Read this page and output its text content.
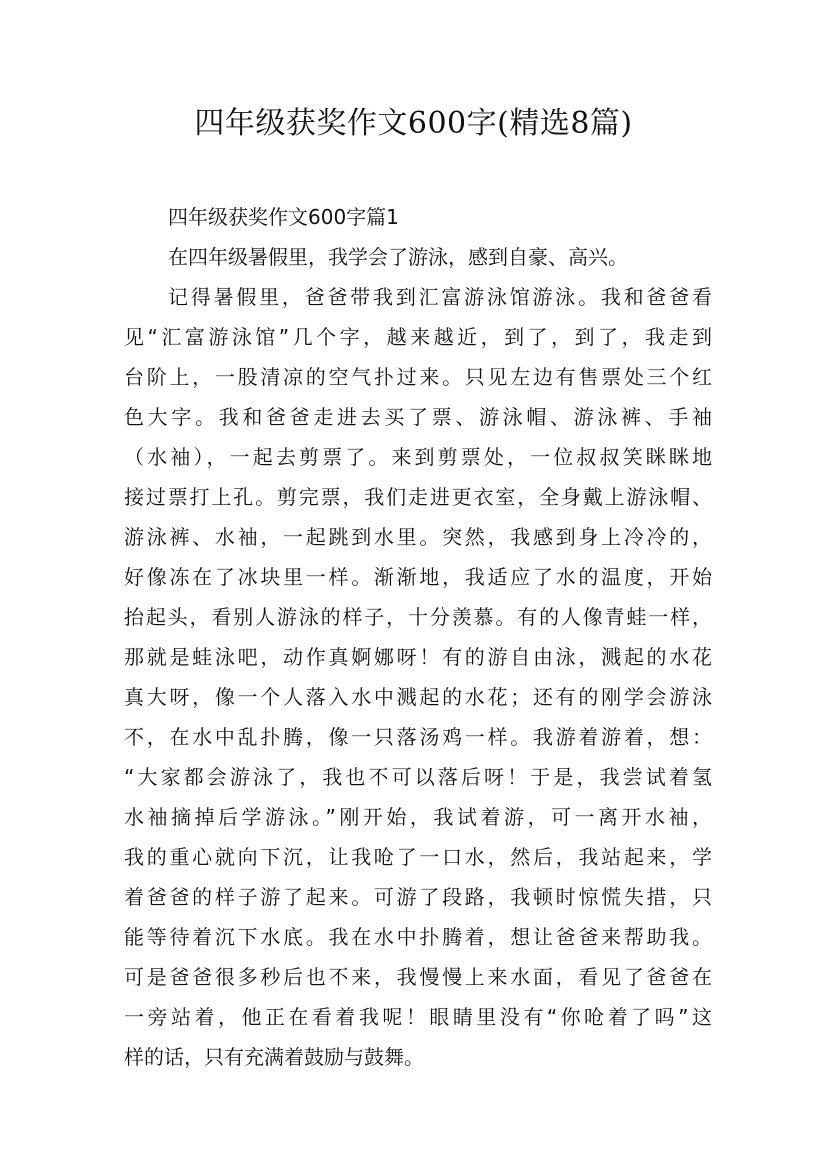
四年级获奖作文600字(精选8篇)
四年级获奖作文600字篇1
在四年级暑假里，我学会了游泳，感到自豪、高兴。
记得暑假里，爸爸带我到汇富游泳馆游泳。我和爸爸看
见“汇富游泳馆”几个字，越来越近，到了，到了，我走到
台阶上，一股清凉的空气扑过来。只见左边有售票处三个红
色大字。我和爸爸走进去买了票、游泳帽、游泳裤、手袖
（水袖），一起去剪票了。来到剪票处，一位叔叔笑眯眯地
接过票打上孔。剪完票，我们走进更衣室，全身戴上游泳帽、
游泳裤、水袖，一起跳到水里。突然，我感到身上冷冷的，
好像冻在了冰块里一样。渐渐地，我适应了水的温度，开始
抬起头，看别人游泳的样子，十分羡慕。有的人像青蛙一样，
那就是蛙泳吧，动作真婀娜呀！有的游自由泳，溅起的水花
真大呀，像一个人落入水中溅起的水花；还有的刚学会游泳
不，在水中乱扑腾，像一只落汤鸡一样。我游着游着，想：
“大家都会游泳了，我也不可以落后呀！于是，我尝试着氢
水袖摘掉后学游泳。”刚开始，我试着游，可一离开水袖，
我的重心就向下沉，让我呛了一口水，然后，我站起来，学
着爸爸的样子游了起来。可游了段路，我顿时惊慌失措，只
能等待着沉下水底。我在水中扑腾着，想让爸爸来帮助我。
可是爸爸很多秒后也不来，我慢慢上来水面，看见了爸爸在
一旁站着，他正在看着我呢！眼睛里没有“你呛着了吗”这
样的话，只有充满着鼓励与鼓舞。
